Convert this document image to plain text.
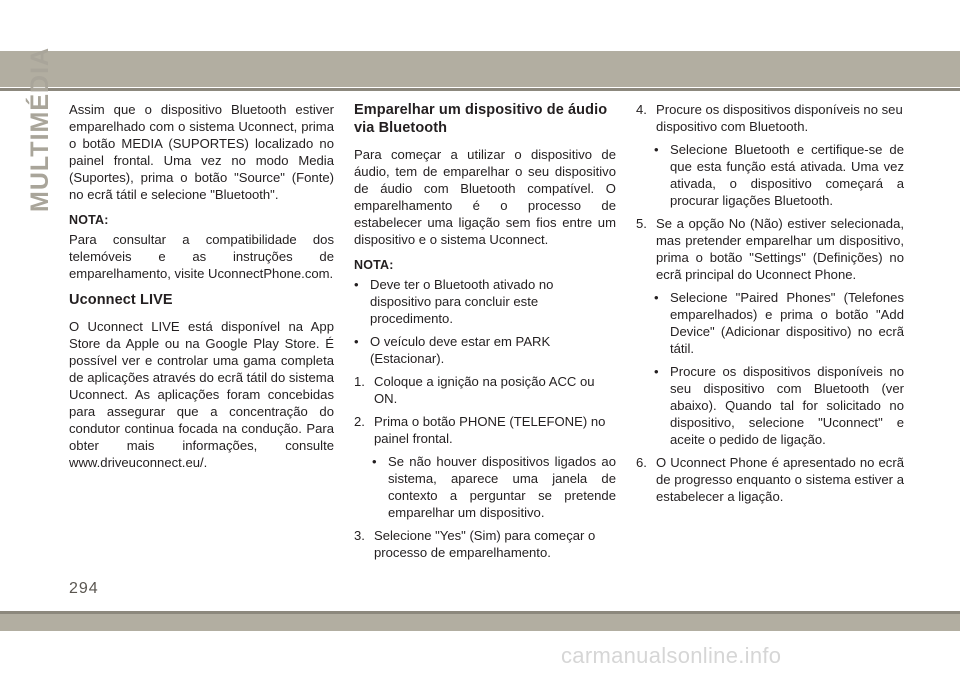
MULTIMÉDIA Assim que o dispositivo Bluetooth estiver emparelhado com o sistema Uconnect, prima o botão MEDIA (SUPORTES) localizado no painel frontal. Uma vez no modo Media (Suportes), prima o botão "Source" (Fonte) no ecrã tátil e selecione "Bluetooth".

NOTA:

Para consultar a compatibilidade dos telemóveis e as instruções de emparelhamento, visite UconnectPhone.com.

Uconnect LIVE

O Uconnect LIVE está disponível na App Store da Apple ou na Google Play Store. É possível ver e controlar uma gama completa de aplicações através do ecrã tátil do sistema Uconnect. As aplicações foram concebidas para assegurar que a concentração do condutor continua focada na condução. Para obter mais informações, consulte www.driveuconnect.eu/.

Emparelhar um dispositivo de áudio via Bluetooth

Para começar a utilizar o dispositivo de áudio, tem de emparelhar o seu dispositivo de áudio com Bluetooth compatível. O emparelhamento é o processo de estabelecer uma ligação sem fios entre um dispositivo e o sistema Uconnect.

NOTA:
• Deve ter o Bluetooth ativado no dispositivo para concluir este procedimento.
• O veículo deve estar em PARK (Estacionar).
1. Coloque a ignição na posição ACC ou ON.
2. Prima o botão PHONE (TELEFONE) no painel frontal.
• Se não houver dispositivos ligados ao sistema, aparece uma janela de contexto a perguntar se pretende emparelhar um dispositivo.
3. Selecione "Yes" (Sim) para começar o processo de emparelhamento.
4. Procure os dispositivos disponíveis no seu dispositivo com Bluetooth.
• Selecione Bluetooth e certifique-se de que esta função está ativada. Uma vez ativada, o dispositivo começará a procurar ligações Bluetooth.
5. Se a opção No (Não) estiver selecionada, mas pretender emparelhar um dispositivo, prima o botão "Settings" (Definições) no ecrã principal do Uconnect Phone.
• Selecione "Paired Phones" (Telefones emparelhados) e prima o botão "Add Device" (Adicionar dispositivo) no ecrã tátil.
• Procure os dispositivos disponíveis no seu dispositivo com Bluetooth (ver abaixo). Quando tal for solicitado no dispositivo, selecione "Uconnect" e aceite o pedido de ligação.
6. O Uconnect Phone é apresentado no ecrã de progresso enquanto o sistema estiver a estabelecer a ligação.
294
carmanualsonline.info
